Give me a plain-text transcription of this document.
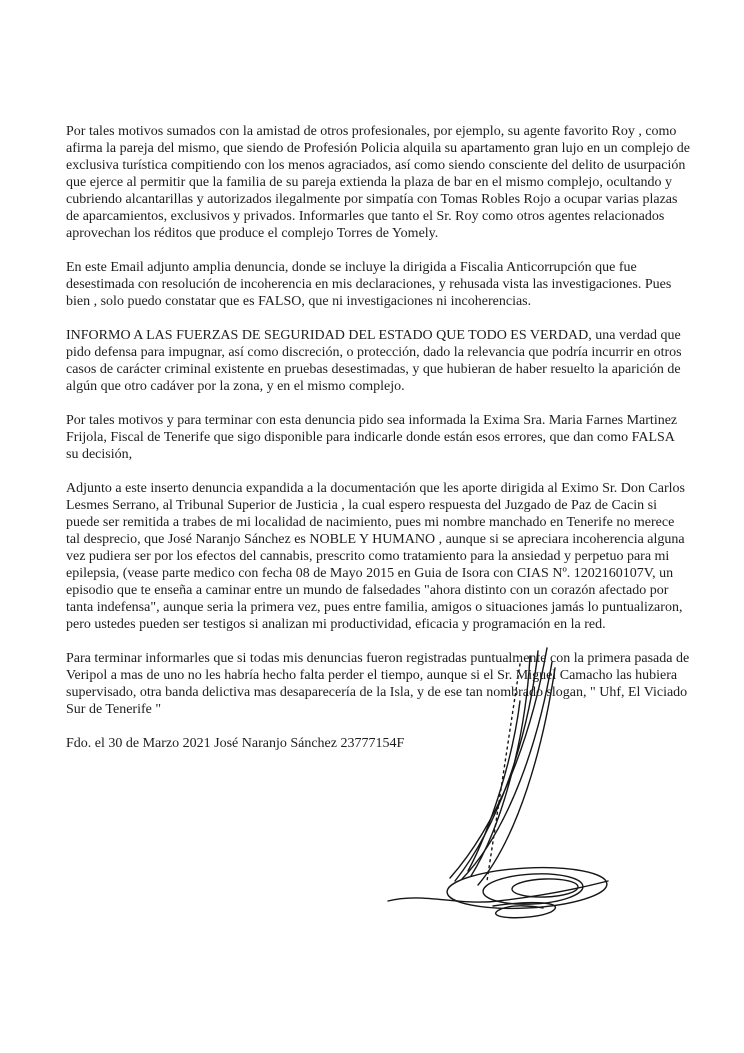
Por tales motivos sumados con la amistad de otros profesionales, por ejemplo, su agente favorito Roy , como afirma la pareja del mismo, que siendo de Profesión Policia alquila su apartamento gran lujo en un complejo de exclusiva turística compitiendo con los menos agraciados, así como siendo consciente del delito de usurpación que ejerce al permitir que la familia de su pareja extienda la plaza de bar en el mismo complejo, ocultando y cubriendo alcantarillas y autorizados ilegalmente por simpatía con Tomas Robles Rojo a ocupar varias plazas de aparcamientos, exclusivos y privados. Informarles que tanto el Sr. Roy como otros agentes relacionados aprovechan los réditos que produce el complejo Torres de Yomely.

En este Email adjunto amplia denuncia, donde se incluye la dirigida a Fiscalia Anticorrupción que fue desestimada con resolución de incoherencia en mis declaraciones, y rehusada vista las investigaciones. Pues bien , solo puedo constatar que es FALSO, que ni investigaciones ni incoherencias.

INFORMO A LAS FUERZAS DE SEGURIDAD DEL ESTADO QUE TODO ES VERDAD, una verdad que pido defensa para impugnar, así como discreción, o protección, dado la relevancia que podría incurrir en otros casos de carácter criminal existente en pruebas desestimadas, y que hubieran de haber resuelto la aparición de algún que otro cadáver por la zona, y en el mismo complejo.

Por tales motivos y para terminar con esta denuncia pido sea informada la Exima Sra. Maria Farnes Martinez Frijola, Fiscal de Tenerife que sigo disponible para indicarle donde están esos errores, que dan como FALSA su decisión,

Adjunto a este inserto denuncia expandida a la documentación que les aporte dirigida al Eximo Sr. Don Carlos Lesmes Serrano, al Tribunal Superior de Justicia , la cual espero respuesta del Juzgado de Paz de Cacin si puede ser remitida a trabes de mi localidad de nacimiento, pues mi nombre manchado en Tenerife no merece tal desprecio, que José Naranjo Sánchez es NOBLE Y HUMANO , aunque si se apreciara incoherencia alguna vez pudiera ser por los efectos del cannabis, prescrito como tratamiento para la ansiedad y perpetuo para mi epilepsia, (vease parte medico con fecha 08 de Mayo 2015 en Guia de Isora con CIAS Nº. 1202160107V, un episodio que te enseña a caminar entre un mundo de falsedades "ahora distinto con un corazón afectado por tanta indefensa", aunque seria la primera vez, pues entre familia, amigos o situaciones jamás lo puntualizaron, pero ustedes pueden ser testigos si analizan mi productividad, eficacia y programación en la red.

Para terminar informarles que si todas mis denuncias fueron registradas puntualmente con la primera pasada de Veripol a mas de uno no les habría hecho falta perder el tiempo, aunque si el Sr. Miguel Camacho las hubiera supervisado, otra banda delictiva mas desaparecería de la Isla, y de ese tan nombrado slogan, " Uhf, El Viciado Sur de Tenerife "

Fdo. el 30 de Marzo 2021 José Naranjo Sánchez 23777154F
